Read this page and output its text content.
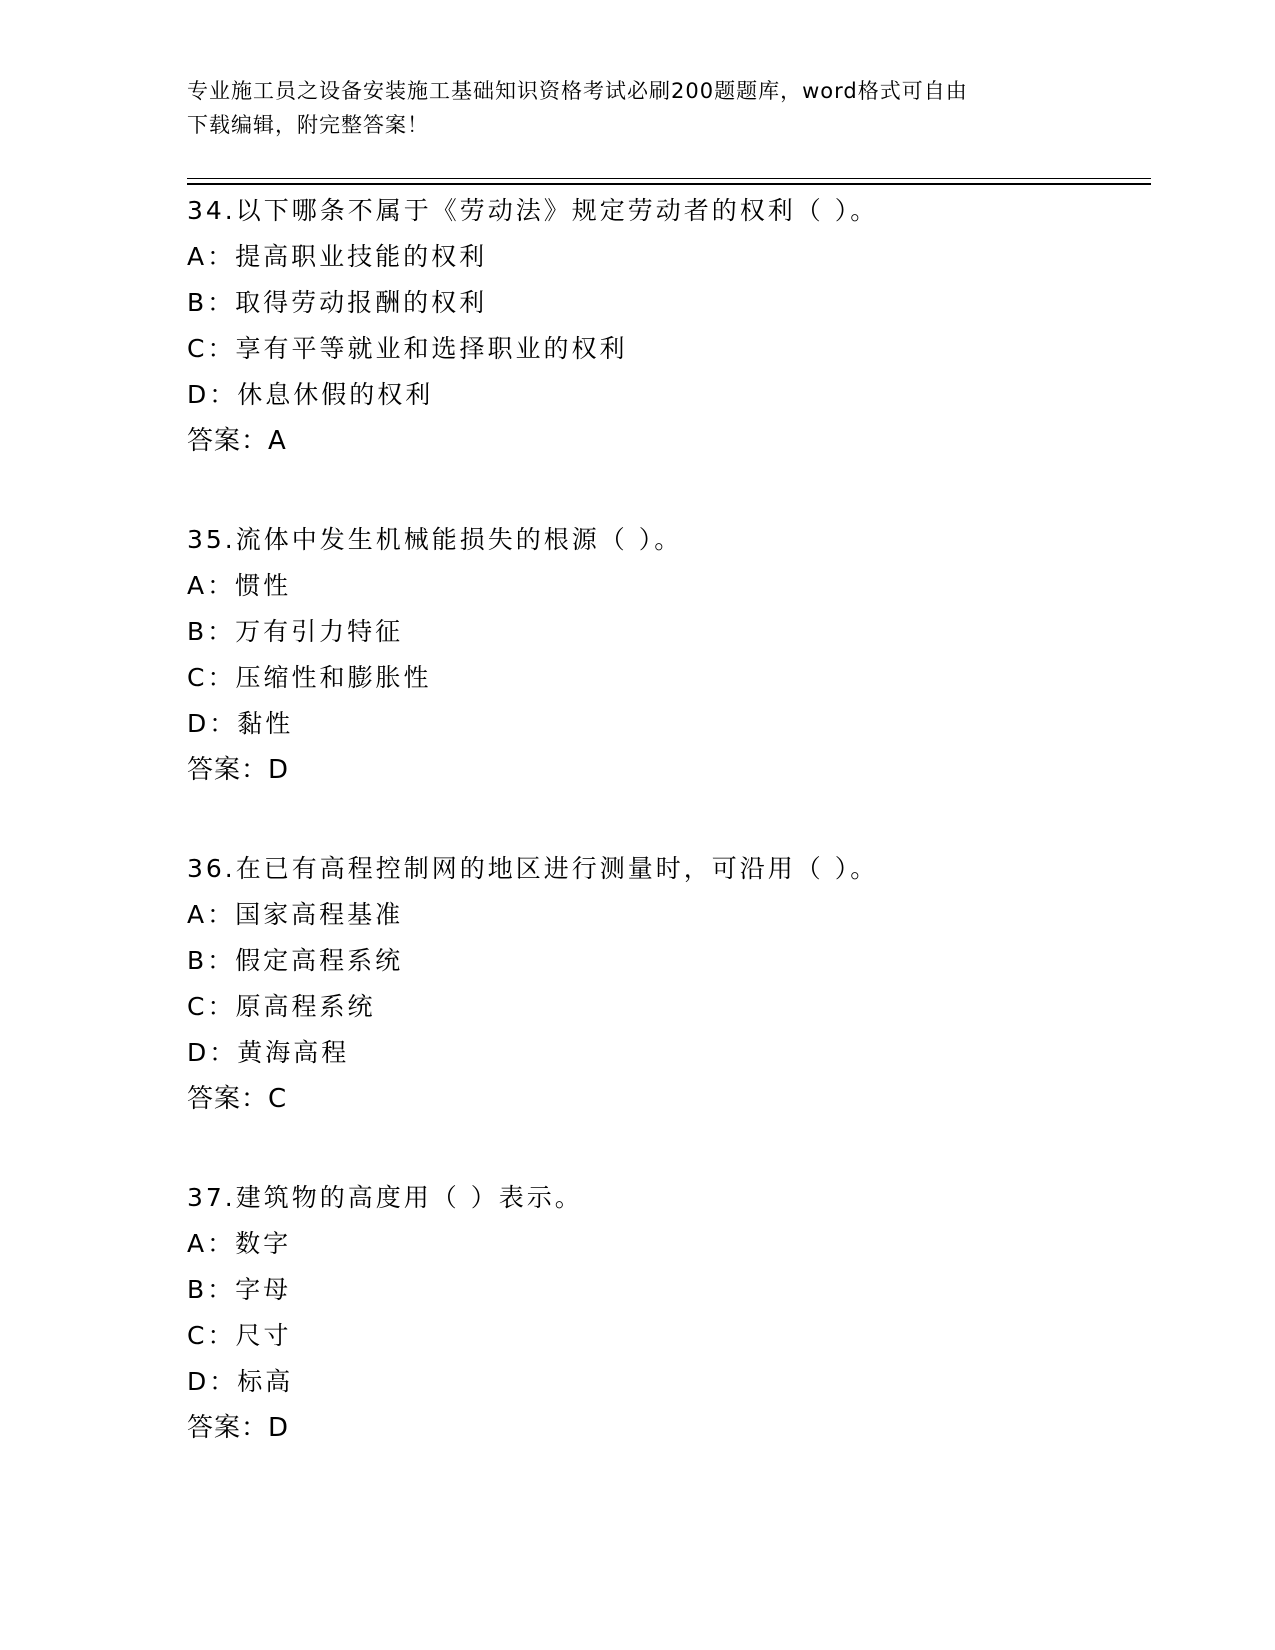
专业施工员之设备安装施工基础知识资格考试必刷200题题库，word格式可自由
下载编辑，附完整答案！
34.以下哪条不属于《劳动法》规定劳动者的权利（ ）。
A：提高职业技能的权利
B：取得劳动报酬的权利
C：享有平等就业和选择职业的权利
D：休息休假的权利
答案：A
35.流体中发生机械能损失的根源（ ）。
A：惯性
B：万有引力特征
C：压缩性和膨胀性
D：黏性
答案：D
36.在已有高程控制网的地区进行测量时，可沿用（ ）。
A：国家高程基准
B：假定高程系统
C：原高程系统
D：黄海高程
答案：C
37.建筑物的高度用（ ）表示。
A：数字
B：字母
C：尺寸
D：标高
答案：D
